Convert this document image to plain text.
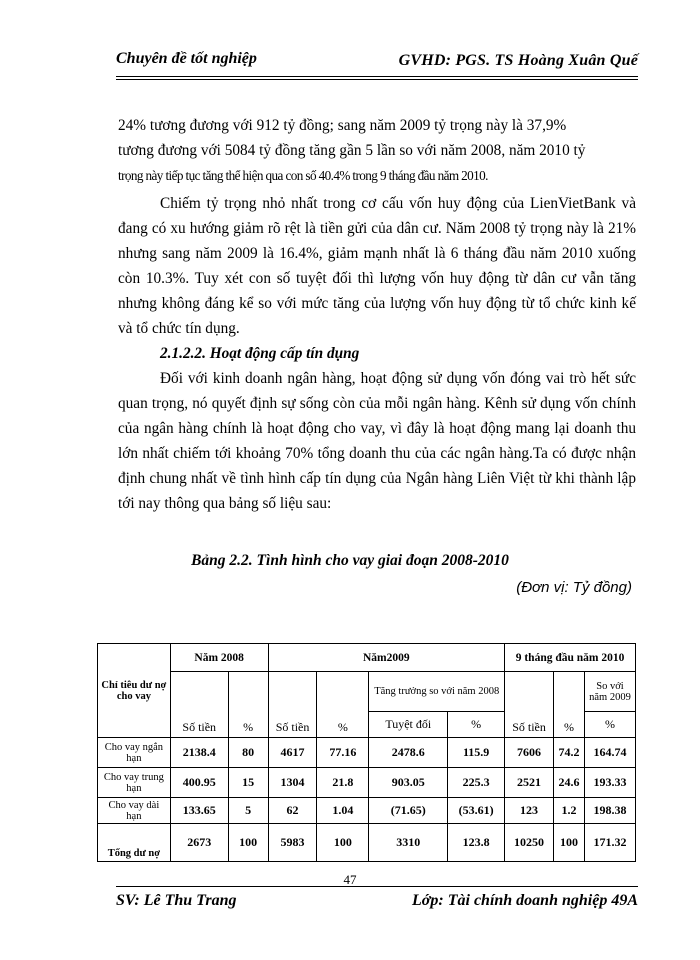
Chuyên đề tốt nghiệp	GVHD: PGS. TS Hoàng Xuân Quế

24% tương đương với 912 tỷ đồng; sang năm 2009 tỷ trọng này là 37,9%

tương đương với 5084 tỷ đồng tăng gần 5 lần so với năm 2008, năm 2010 tỷ

trọng này tiếp tục tăng thể hiện qua con số 40.4% trong 9 tháng đầu năm 2010.

Chiếm tỷ trọng nhỏ nhất trong cơ cấu vốn huy động của LienVietBank và đang có xu hướng giảm rõ rệt là tiền gửi của dân cư. Năm 2008 tỷ trọng này là 21% nhưng sang năm 2009 là 16.4%, giảm mạnh nhất là 6 tháng đầu năm 2010 xuống còn 10.3%. Tuy xét con số tuyệt đối thì lượng vốn huy động từ dân cư vẫn tăng nhưng không đáng kể so với mức tăng của lượng vốn huy động từ tổ chức kinh kế và tổ chức tín dụng.

2.1.2.2. Hoạt động cấp tín dụng

Đối với kinh doanh ngân hàng, hoạt động sử dụng vốn đóng vai trò hết sức quan trọng, nó quyết định sự sống còn của mỗi ngân hàng. Kênh sử dụng vốn chính của ngân hàng chính là hoạt động cho vay, vì đây là hoạt động mang lại doanh thu lớn nhất chiếm tới khoảng 70% tổng doanh thu của các ngân hàng.Ta có được nhận định chung nhất về tình hình cấp tín dụng của Ngân hàng Liên Việt từ khi thành lập tới nay thông qua bảng số liệu sau:

Bảng 2.2. Tình hình cho vay giai đoạn 2008-2010
(Đơn vị: Tỷ đồng)
Chỉ tiêu dư nợ cho vay	Năm 2008		Năm2009				9 tháng đầu năm 2010		
	Số tiền	%	Số tiền	%	Tăng trưởng so với năm 2008		Số tiền	%	So với năm 2009
					Tuyệt đối	%			%
Cho vay ngắn hạn	2138.4	80	4617	77.16	2478.6	115.9	7606	74.2	164.74
Cho vay trung hạn	400.95	15	1304	21.8	903.05	225.3	2521	24.6	193.33
Cho vay dài hạn	133.65	5	62	1.04	(71.65)	(53.61)	123	1.2	198.38
Tổng dư nợ	2673	100	5983	100	3310	123.8	10250	100	171.32
47
SV: Lê Thu Trang	Lớp: Tài chính doanh nghiệp 49A
